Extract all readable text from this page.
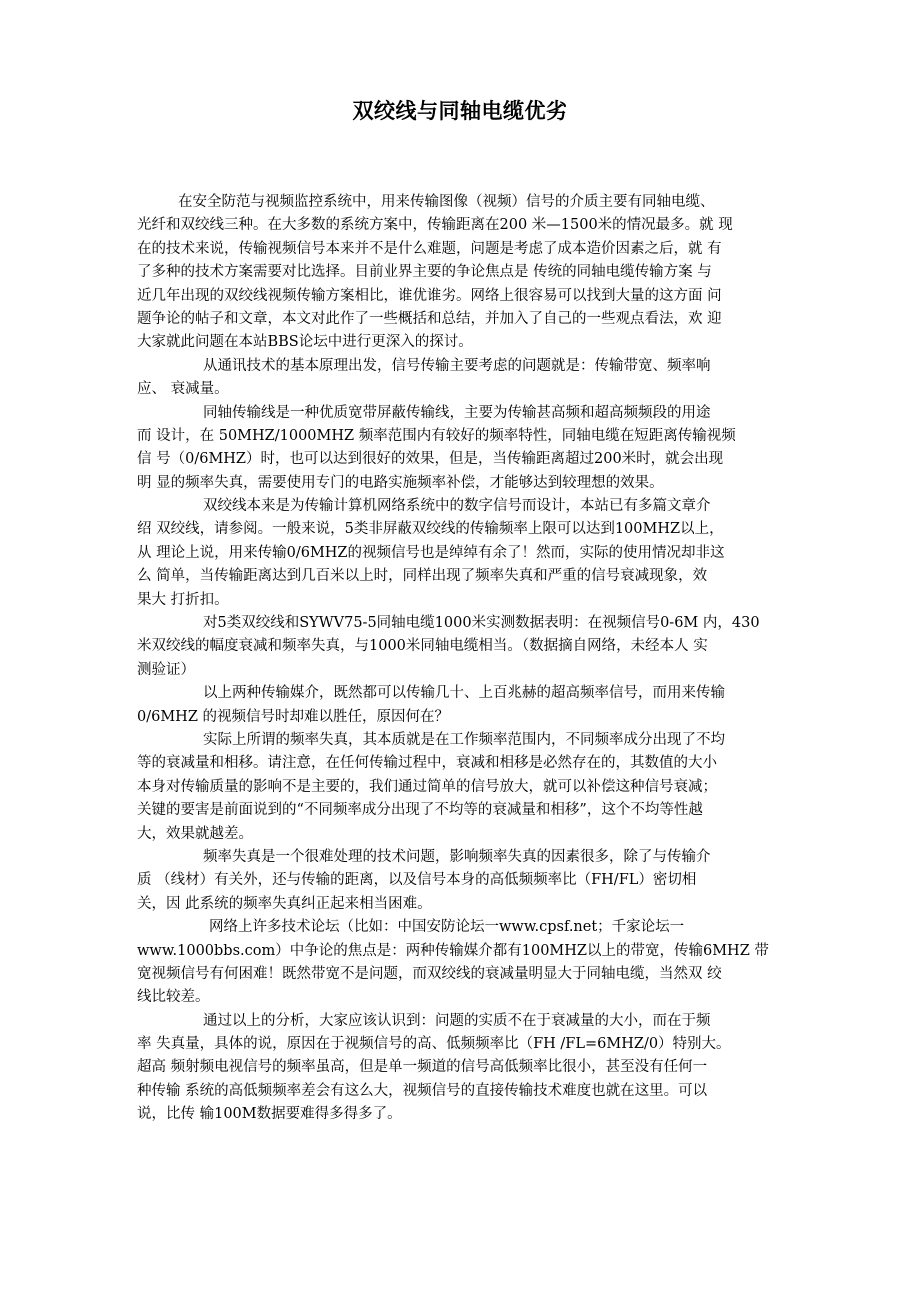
双绞线与同轴电缆优劣
在安全防范与视频监控系统中，用来传输图像（视频）信号的介质主要有同轴电缆、
光纤和双绞线三种。在大多数的系统方案中，传输距离在200 米—1500米的情况最多。就 现
在的技术来说，传输视频信号本来并不是什么难题，问题是考虑了成本造价因素之后，就 有
了多种的技术方案需要对比选择。目前业界主要的争论焦点是 传统的同轴电缆传输方案 与
近几年出现的双绞线视频传输方案相比，谁优谁劣。网络上很容易可以找到大量的这方面 问
题争论的帖子和文章，本文对此作了一些概括和总结，并加入了自己的一些观点看法，欢 迎
大家就此问题在本站BBS论坛中进行更深入的探讨。
从通讯技术的基本原理出发，信号传输主要考虑的问题就是：传输带宽、频率响
应、 衰减量。
同轴传输线是一种优质宽带屏蔽传输线，主要为传输甚高频和超高频频段的用途
而 设计，在 50MHZ/1000MHZ 频率范围内有较好的频率特性，同轴电缆在短距离传输视频
信 号（0/6MHZ）时，也可以达到很好的效果，但是，当传输距离超过200米时，就会出现
明 显的频率失真，需要使用专门的电路实施频率补偿，才能够达到较理想的效果。
双绞线本来是为传输计算机网络系统中的数字信号而设计，本站已有多篇文章介
绍 双绞线，请参阅。一般来说，5类非屏蔽双绞线的传输频率上限可以达到100MHZ以上，
从 理论上说，用来传输0/6MHZ的视频信号也是绰绰有余了！然而，实际的使用情况却非这
么 简单，当传输距离达到几百米以上时，同样出现了频率失真和严重的信号衰减现象，效
果大 打折扣。
对5类双绞线和SYWV75-5同轴电缆1000米实测数据表明：在视频信号0-6M 内，430
米双绞线的幅度衰减和频率失真，与1000米同轴电缆相当。（数据摘自网络，未经本人 实
测验证）
以上两种传输媒介，既然都可以传输几十、上百兆赫的超高频率信号，而用来传输
0/6MHZ 的视频信号时却难以胜任，原因何在？
实际上所谓的频率失真，其本质就是在工作频率范围内，不同频率成分出现了不均
等的衰减量和相移。请注意，在任何传输过程中，衰减和相移是必然存在的，其数值的大小
本身对传输质量的影响不是主要的，我们通过简单的信号放大，就可以补偿这种信号衰减；
关键的要害是前面说到的“不同频率成分出现了不均等的衰减量和相移”，这个不均等性越
大，效果就越差。
频率失真是一个很难处理的技术问题，影响频率失真的因素很多，除了与传输介
质 （线材）有关外，还与传输的距离，以及信号本身的高低频频率比（FH/FL）密切相
关，因 此系统的频率失真纠正起来相当困难。
网络上许多技术论坛（比如：中国安防论坛一www.cpsf.net；千家论坛一
www.1000bbs.com）中争论的焦点是：两种传输媒介都有100MHZ以上的带宽，传输6MHZ 带
宽视频信号有何困难！既然带宽不是问题，而双绞线的衰减量明显大于同轴电缆，当然双 绞
线比较差。
通过以上的分析，大家应该认识到：问题的实质不在于衰减量的大小，而在于频
率 失真量，具体的说，原因在于视频信号的高、低频频率比（FH /FL=6MHZ/0）特别大。
超高 频射频电视信号的频率虽高，但是单一频道的信号高低频率比很小，甚至没有任何一
种传输 系统的高低频频率差会有这么大，视频信号的直接传输技术难度也就在这里。可以
说，比传 输100M数据要难得多得多了。
